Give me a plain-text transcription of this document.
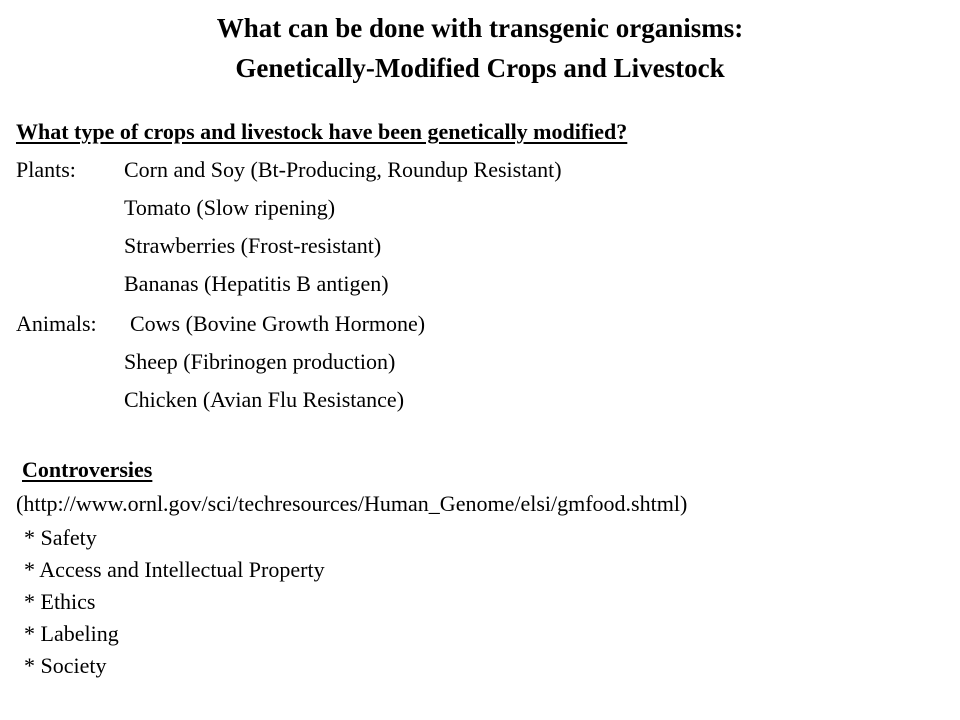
What can be done with transgenic organisms:
Genetically-Modified Crops and Livestock
What type of crops and livestock have been genetically modified?
Plants: Corn and Soy (Bt-Producing, Roundup Resistant)
Tomato (Slow ripening)
Strawberries (Frost-resistant)
Bananas (Hepatitis B antigen)
Animals: Cows (Bovine Growth Hormone)
Sheep (Fibrinogen production)
Chicken (Avian Flu Resistance)
Controversies
(http://www.ornl.gov/sci/techresources/Human_Genome/elsi/gmfood.shtml)
* Safety
* Access and Intellectual Property
* Ethics
* Labeling
* Society
